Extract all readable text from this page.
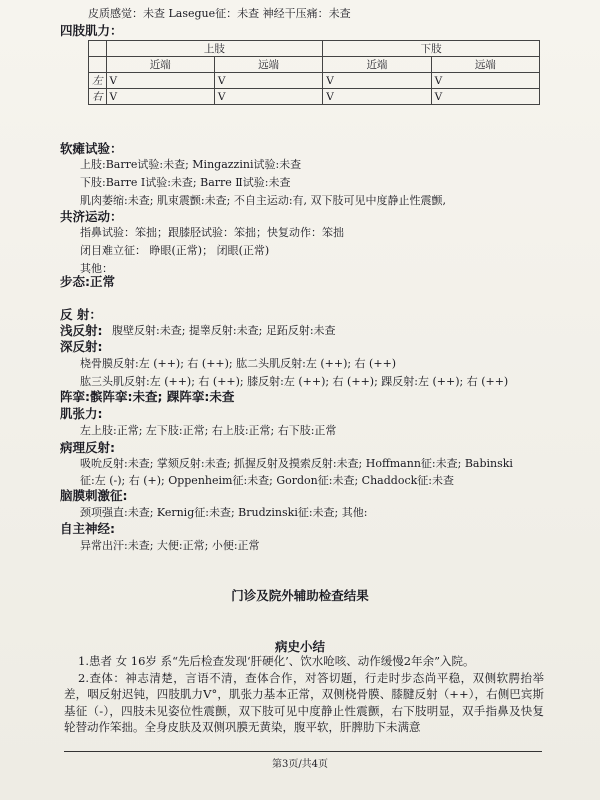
皮质感觉：未查 Lasegue征：未查 神经干压痛：未查
四肢肌力：
	上肢		下肢	
	近端	远端	近端	远端
左	V	V	V	V
右	V	V	V	V
软瘫试验：
上肢:Barre试验:未查; Mingazzini试验:未查
下肢:Barre Ⅰ试验:未查; Barre Ⅱ试验:未查
肌肉萎缩:未查; 肌束震颤:未查; 不自主运动:有, 双下肢可见中度静止性震颤,
共济运动：
指鼻试验：笨拙；跟膝胫试验：笨拙；快复动作：笨拙
闭目难立征： 睁眼(正常)； 闭眼(正常)
其他：
步态:正常
反 射：
浅反射: 腹壁反射:未查; 提睾反射:未查; 足跖反射:未查
深反射:
桡骨膜反射:左 (++); 右 (++); 肱二头肌反射:左 (++); 右 (++)
肱三头肌反射:左 (++); 右 (++); 膝反射:左 (++); 右 (++); 踝反射:左 (++); 右 (++)
阵挛:髌阵挛:未查; 踝阵挛:未查
肌张力:
左上肢:正常; 左下肢:正常; 右上肢:正常; 右下肢:正常
病理反射:
吸吮反射:未查; 掌颏反射:未查; 抓握反射及摸索反射:未查; Hoffmann征:未查; Babinski
征:左 (-); 右 (+); Oppenheim征:未查; Gordon征:未查; Chaddock征:未查
脑膜刺激征:
颈项强直:未查; Kernig征:未查; Brudzinski征:未查; 其他:
自主神经:
异常出汗:未查; 大便:正常; 小便:正常
门诊及院外辅助检查结果
病史小结

1.患者 女 16岁 系“先后检查发现‘肝硬化’、饮水呛咳、动作缓慢2年余”入院。

2.查体：神志清楚，言语不清，查体合作，对答切题，行走时步态尚平稳，双侧软腭抬举差，咽反射迟钝，四肢肌力Ⅴ°，肌张力基本正常，双侧桡骨膜、膝腱反射（++），右侧巴宾斯基征（-），四肢未见姿位性震颤，双下肢可见中度静止性震颤，右下肢明显，双手指鼻及快复轮替动作笨拙。全身皮肤及双侧巩膜无黄染，腹平软，肝脾肋下未满意

第3页/共4页
